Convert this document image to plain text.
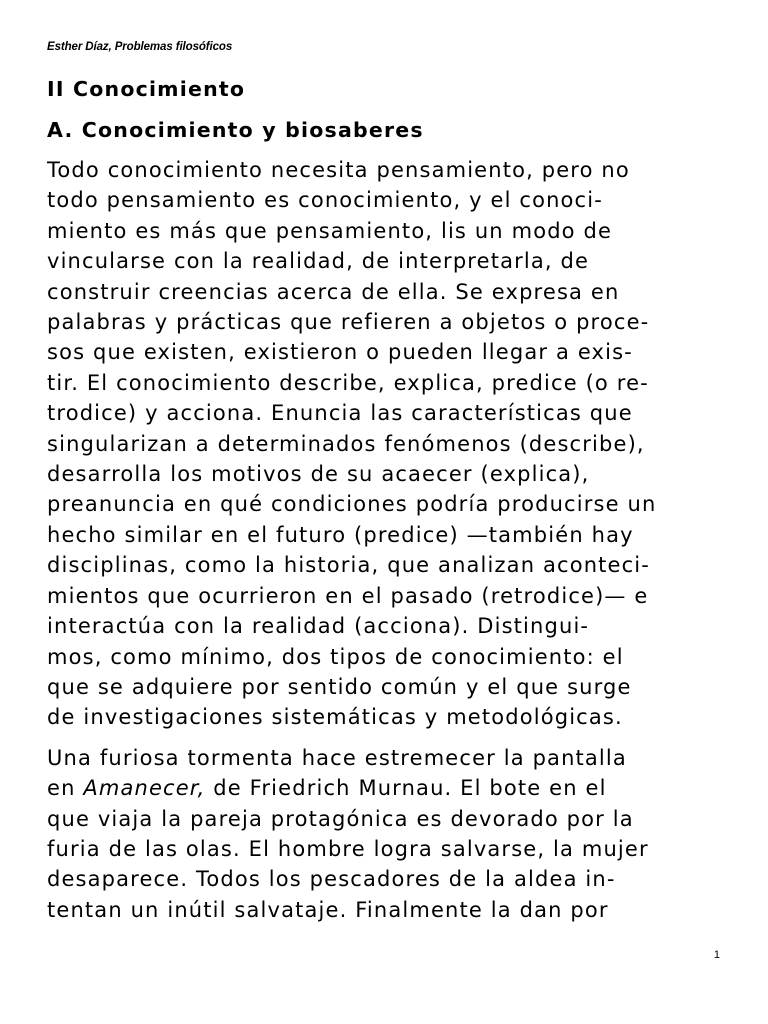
Esther Díaz, Problemas filosóficos
II Conocimiento
A. Conocimiento y biosaberes
Todo conocimiento necesita pensamiento, pero no
todo pensamiento es conocimiento, y el conoci-
miento es más que pensamiento, lis un modo de
vincularse con la realidad, de interpretarla, de
construir creencias acerca de ella. Se expresa en
palabras y prácticas que refieren a objetos o proce-
sos que existen, existieron o pueden llegar a exis-
tir. El conocimiento describe, explica, predice (o re-
trodice) y acciona. Enuncia las características que
singularizan a determinados fenómenos (describe),
desarrolla los motivos de su acaecer (explica),
preanuncia en qué condiciones podría producirse un
hecho similar en el futuro (predice) —también hay
disciplinas, como la historia, que analizan aconteci-
mientos que ocurrieron en el pasado (retrodice)— e
interactúa con la realidad (acciona). Distingui-
mos, como mínimo, dos tipos de conocimiento: el
que se adquiere por sentido común y el que surge
de investigaciones sistemáticas y metodológicas.
Una furiosa tormenta hace estremecer la pantalla
en Amanecer, de Friedrich Murnau. El bote en el
que viaja la pareja protagónica es devorado por la
furia de las olas. El hombre logra salvarse, la mujer
desaparece. Todos los pescadores de la aldea in-
tentan un inútil salvataje. Finalmente la dan por
1
